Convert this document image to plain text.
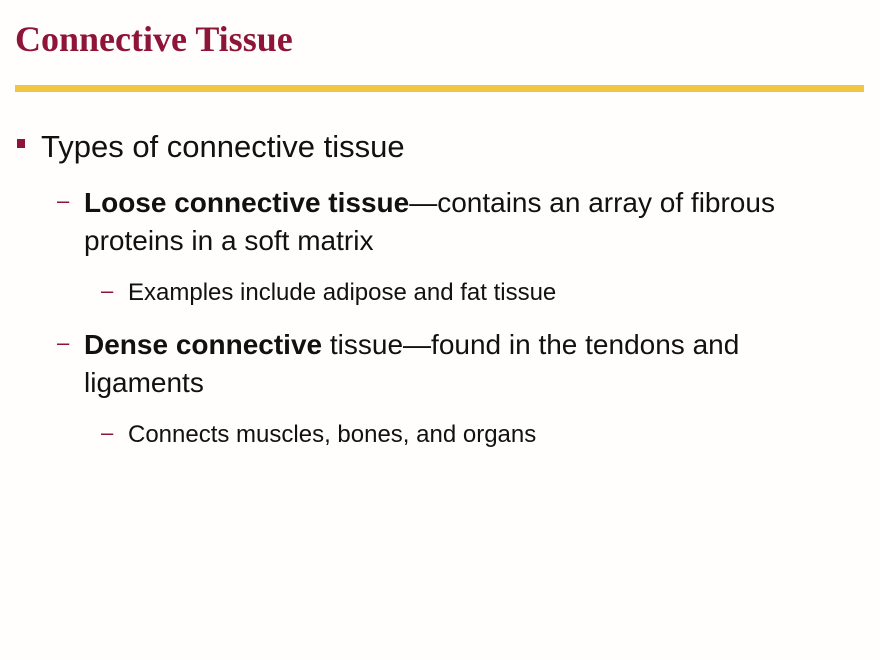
Connective Tissue
Types of connective tissue
– Loose connective tissue—contains an array of fibrous proteins in a soft matrix
– Examples include adipose and fat tissue
– Dense connective tissue—found in the tendons and ligaments
– Connects muscles, bones, and organs
